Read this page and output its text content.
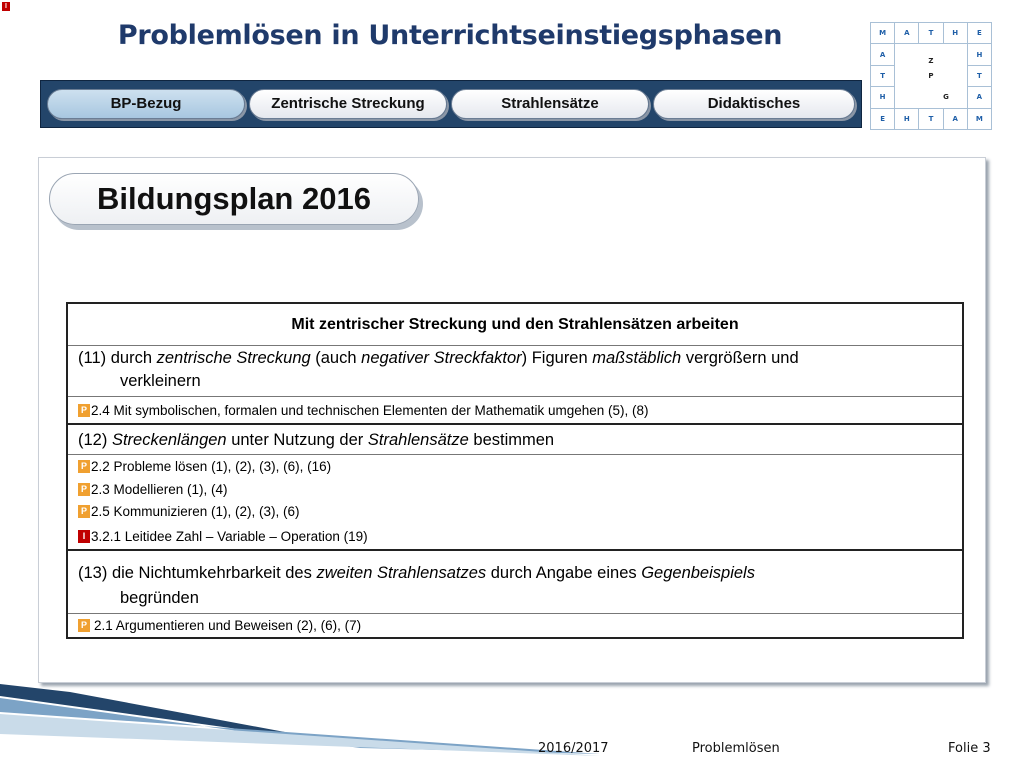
I
Problemlösen in Unterrichtseinstiegsphasen	M	A	T	H	E
A		Z		H
T		P		T
H			G	A
E	H	T	A	M
BP-Bezug	Zentrische Streckung	Strahlensätze	Didaktisches
Bildungsplan 2016
Mit zentrischer Streckung und den Strahlensätzen arbeiten
(11) durch zentrische Streckung (auch negativer Streckfaktor) Figuren maßstäblich vergrößern und
verkleinern
P 2.4 Mit symbolischen, formalen und technischen Elementen der Mathematik umgehen (5), (8)
(12) Streckenlängen unter Nutzung der Strahlensätze bestimmen
P 2.2 Probleme lösen (1), (2), (3), (6), (16)
P 2.3 Modellieren (1), (4)
P 2.5 Kommunizieren (1), (2), (3), (6)
I 3.2.1 Leitidee Zahl – Variable – Operation (19)
(13) die Nichtumkehrbarkeit des zweiten Strahlensatzes durch Angabe eines Gegenbeispiels
begründen
P 2.1 Argumentieren und Beweisen (2), (6), (7)
2016/2017	Problemlösen	Folie 3
